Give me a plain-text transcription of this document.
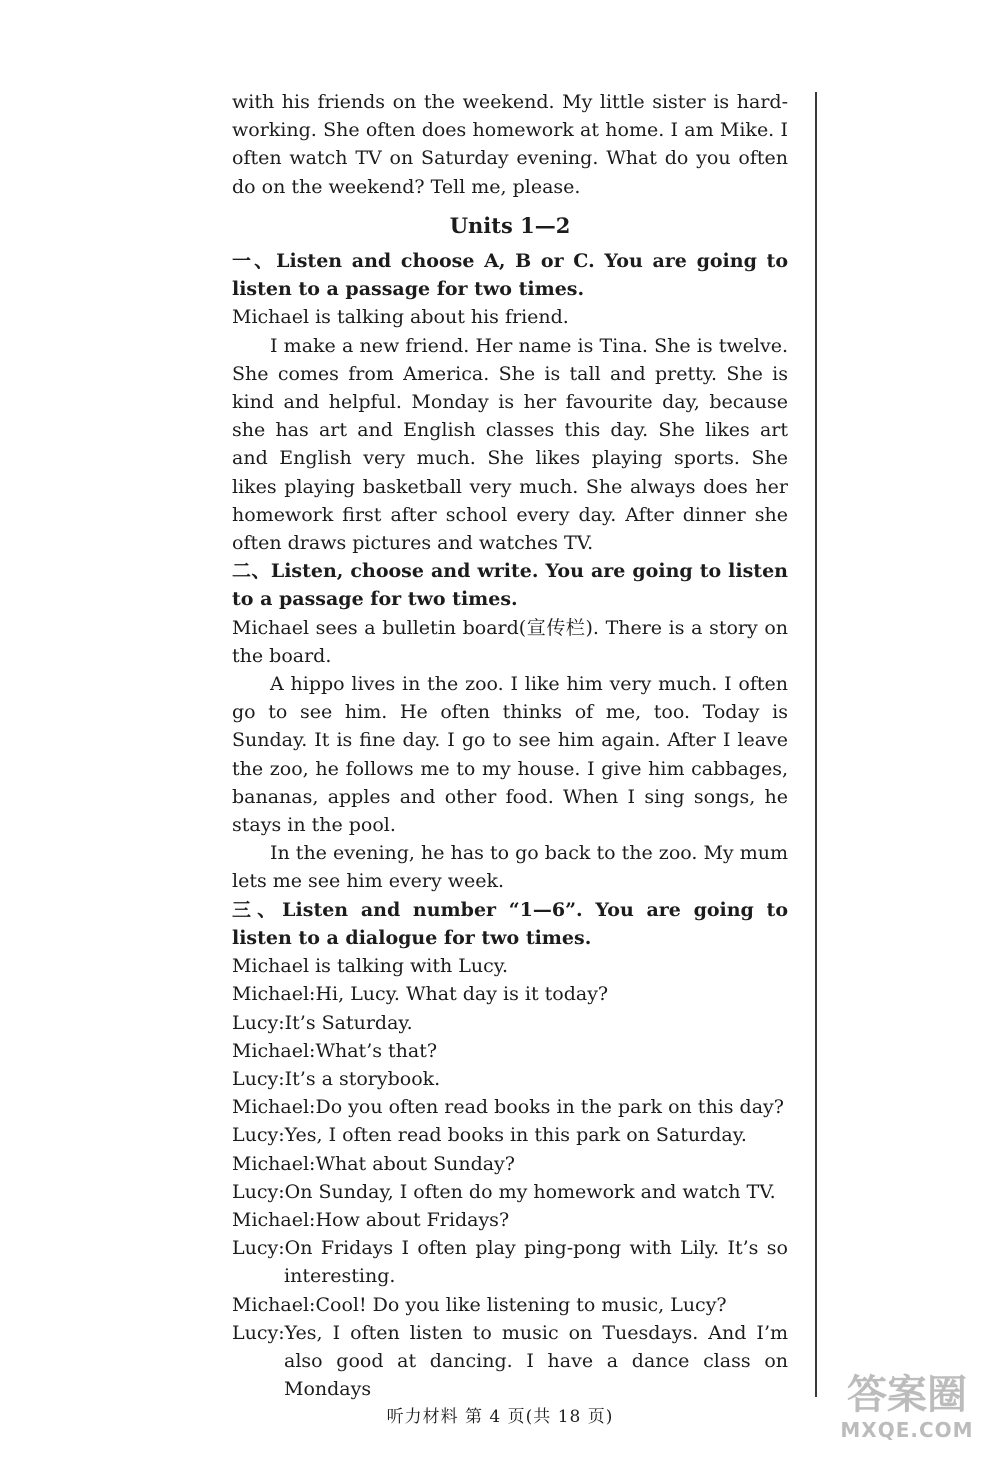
with his friends on the weekend. My little sister is hard-working. She often does homework at home. I am Mike. I often watch TV on Saturday evening. What do you often do on the weekend? Tell me, please.

Units 1—2

一、Listen and choose A, B or C. You are going to listen to a passage for two times.

Michael is talking about his friend.

I make a new friend. Her name is Tina. She is twelve. She comes from America. She is tall and pretty. She is kind and helpful. Monday is her favourite day, because she has art and English classes this day. She likes art and English very much. She likes playing sports. She likes playing basketball very much. She always does her homework first after school every day. After dinner she often draws pictures and watches TV.

二、Listen, choose and write. You are going to listen to a passage for two times.

Michael sees a bulletin board(宣传栏). There is a story on the board.

A hippo lives in the zoo. I like him very much. I often go to see him. He often thinks of me, too. Today is Sunday. It is fine day. I go to see him again. After I leave the zoo, he follows me to my house. I give him cabbages, bananas, apples and other food. When I sing songs, he stays in the pool.

In the evening, he has to go back to the zoo. My mum lets me see him every week.

三、Listen and number “1—6”. You are going to listen to a dialogue for two times.

Michael is talking with Lucy.

Michael:Hi, Lucy. What day is it today?

Lucy:It’s Saturday.

Michael:What’s that?

Lucy:It’s a storybook.

Michael:Do you often read books in the park on this day?

Lucy:Yes, I often read books in this park on Saturday.

Michael:What about Sunday?

Lucy:On Sunday, I often do my homework and watch TV.

Michael:How about Fridays?

Lucy:On Fridays I often play ping-pong with Lily. It’s so interesting.

Michael:Cool! Do you like listening to music, Lucy?

Lucy:Yes, I often listen to music on Tuesdays. And I’m also good at dancing. I have a dance class on Mondays

听力材料 第 4 页(共 18 页)	答案圈
MXQE.COM
